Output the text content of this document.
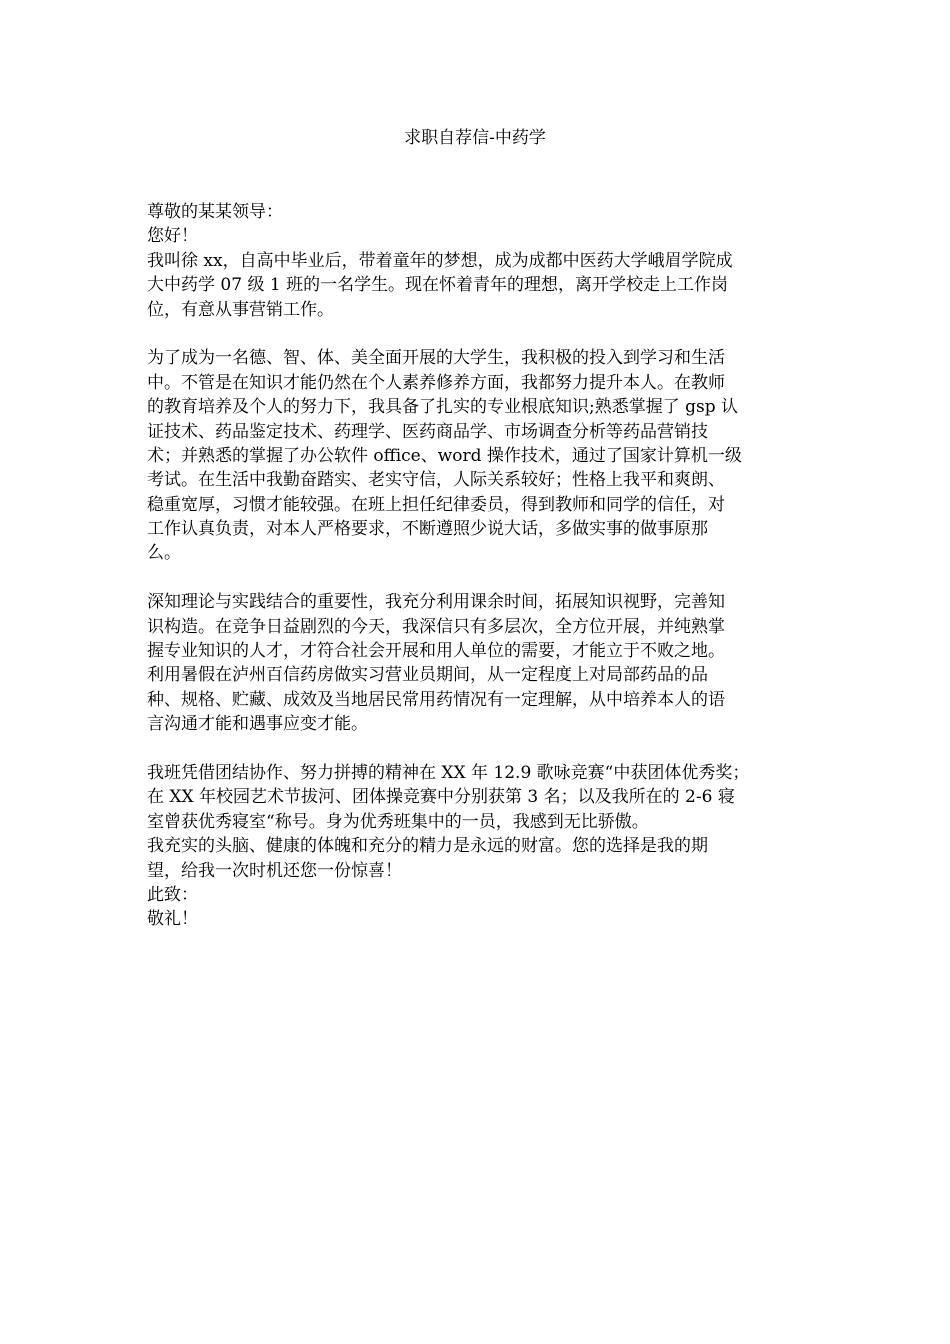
求职自荐信-中药学
尊敬的某某领导：
您好！
我叫徐 xx，自高中毕业后，带着童年的梦想，成为成都中医药大学峨眉学院成
大中药学 07 级 1 班的一名学生。现在怀着青年的理想，离开学校走上工作岗
位，有意从事营销工作。
为了成为一名德、智、体、美全面开展的大学生，我积极的投入到学习和生活
中。不管是在知识才能仍然在个人素养修养方面，我都努力提升本人。在教师
的教育培养及个人的努力下，我具备了扎实的专业根底知识;熟悉掌握了 gsp 认
证技术、药品鉴定技术、药理学、医药商品学、市场调查分析等药品营销技
术；并熟悉的掌握了办公软件 office、word 操作技术，通过了国家计算机一级
考试。在生活中我勤奋踏实、老实守信，人际关系较好；性格上我平和爽朗、
稳重宽厚，习惯才能较强。在班上担任纪律委员，得到教师和同学的信任，对
工作认真负责，对本人严格要求，不断遵照少说大话，多做实事的做事原那
么。
深知理论与实践结合的重要性，我充分利用课余时间，拓展知识视野，完善知
识构造。在竞争日益剧烈的今天，我深信只有多层次，全方位开展，并纯熟掌
握专业知识的人才，才符合社会开展和用人单位的需要，才能立于不败之地。
利用暑假在泸州百信药房做实习营业员期间，从一定程度上对局部药品的品
种、规格、贮藏、成效及当地居民常用药情况有一定理解，从中培养本人的语
言沟通才能和遇事应变才能。
我班凭借团结协作、努力拼搏的精神在 XX 年 12.9 歌咏竞赛“中获团体优秀奖；
在 XX 年校园艺术节拔河、团体操竞赛中分别获第 3 名；以及我所在的 2-6 寝
室曾获优秀寝室“称号。身为优秀班集中的一员，我感到无比骄傲。
我充实的头脑、健康的体魄和充分的精力是永远的财富。您的选择是我的期
望，给我一次时机还您一份惊喜！
此致：
敬礼！
